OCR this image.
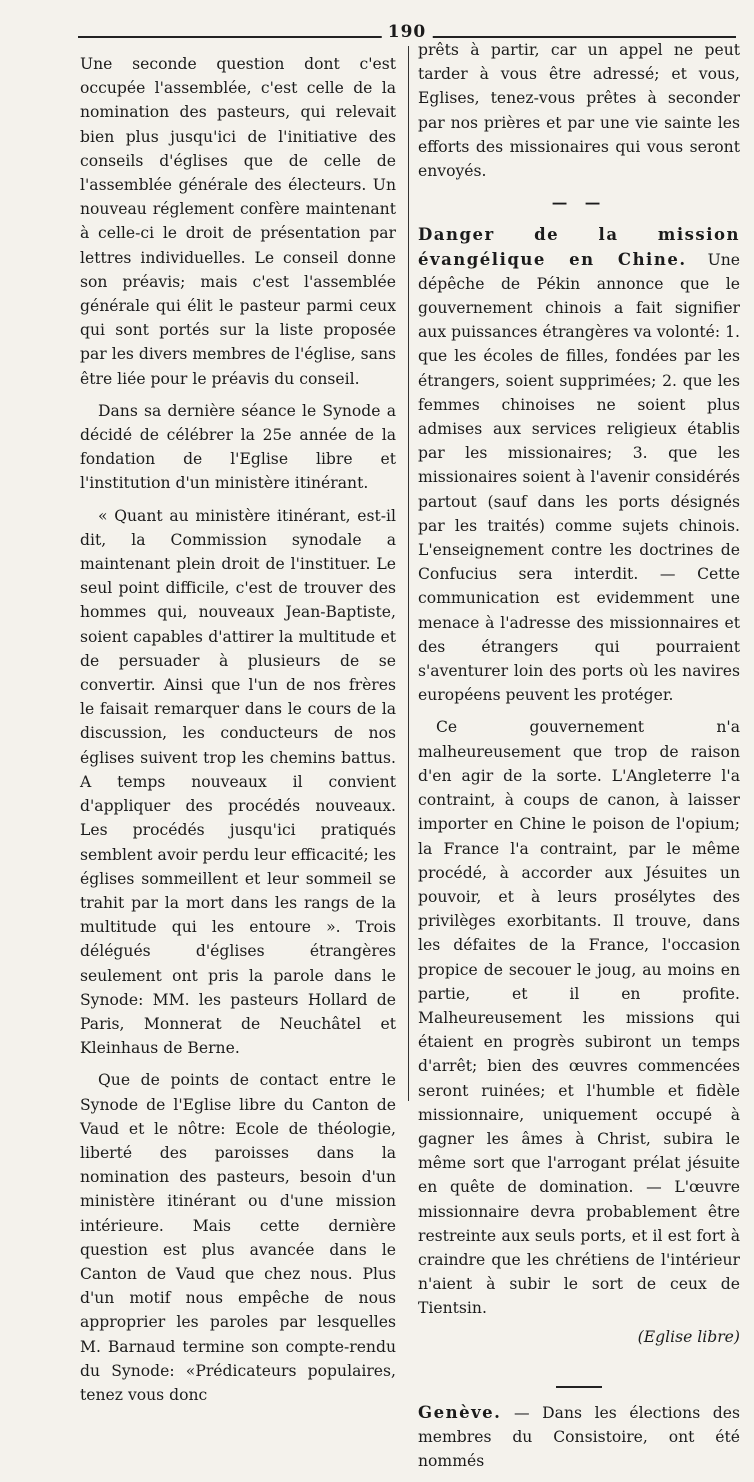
190

Une seconde question dont c'est occupée l'assemblée, c'est celle de la nomination des pasteurs, qui relevait bien plus jusqu'ici de l'initiative des conseils d'églises que de celle de l'assemblée générale des électeurs. Un nouveau réglement confère maintenant à celle-ci le droit de présentation par lettres individuelles. Le conseil donne son préavis; mais c'est l'assemblée générale qui élit le pasteur parmi ceux qui sont portés sur la liste proposée par les divers membres de l'église, sans être liée pour le préavis du conseil.

Dans sa dernière séance le Synode a décidé de célébrer la 25e année de la fondation de l'Eglise libre et l'institution d'un ministère itinérant.

« Quant au ministère itinérant, est-il dit, la Commission synodale a maintenant plein droit de l'instituer. Le seul point difficile, c'est de trouver des hommes qui, nouveaux Jean-Baptiste, soient capables d'attirer la multitude et de persuader à plusieurs de se convertir. Ainsi que l'un de nos frères le faisait remarquer dans le cours de la discussion, les conducteurs de nos églises suivent trop les chemins battus. A temps nouveaux il convient d'appliquer des procédés nouveaux. Les procédés jusqu'ici pratiqués semblent avoir perdu leur efficacité; les églises sommeillent et leur sommeil se trahit par la mort dans les rangs de la multitude qui les entoure ». Trois délégués d'églises étrangères seulement ont pris la parole dans le Synode: MM. les pasteurs Hollard de Paris, Monnerat de Neuchâtel et Kleinhaus de Berne.

Que de points de contact entre le Synode de l'Eglise libre du Canton de Vaud et le nôtre: Ecole de théologie, liberté des paroisses dans la nomination des pasteurs, besoin d'un ministère itinérant ou d'une mission intérieure. Mais cette dernière question est plus avancée dans le Canton de Vaud que chez nous. Plus d'un motif nous empêche de nous approprier les paroles par lesquelles M. Barnaud termine son compte-rendu du Synode: «Prédicateurs populaires, tenez vous donc

prêts à partir, car un appel ne peut tarder à vous être adressé; et vous, Eglises, tenez-vous prêtes à seconder par nos prières et par une vie sainte les efforts des missionaires qui vous seront envoyés.

— —

Danger de la mission évangélique en Chine. Une dépêche de Pékin annonce que le gouvernement chinois a fait signifier aux puissances étrangères va volonté: 1. que les écoles de filles, fondées par les étrangers, soient supprimées; 2. que les femmes chinoises ne soient plus admises aux services religieux établis par les missionaires; 3. que les missionaires soient à l'avenir considérés partout (sauf dans les ports désignés par les traités) comme sujets chinois. L'enseignement contre les doctrines de Confucius sera interdit. — Cette communication est evidemment une menace à l'adresse des missionnaires et des étrangers qui pourraient s'aventurer loin des ports où les navires européens peuvent les protéger.

Ce gouvernement n'a malheureusement que trop de raison d'en agir de la sorte. L'Angleterre l'a contraint, à coups de canon, à laisser importer en Chine le poison de l'opium; la France l'a contraint, par le même procédé, à accorder aux Jésuites un pouvoir, et à leurs prosélytes des privilèges exorbitants. Il trouve, dans les défaites de la France, l'occasion propice de secouer le joug, au moins en partie, et il en profite. Malheureusement les missions qui étaient en progrès subiront un temps d'arrêt; bien des œuvres commencées seront ruinées; et l'humble et fidèle missionnaire, uniquement occupé à gagner les âmes à Christ, subira le même sort que l'arrogant prélat jésuite en quête de domination. — L'œuvre missionnaire devra probablement être restreinte aux seuls ports, et il est fort à craindre que les chrétiens de l'intérieur n'aient à subir le sort de ceux de Tientsin.

(Eglise libre)

Genève. — Dans les élections des membres du Consistoire, ont été nommés
